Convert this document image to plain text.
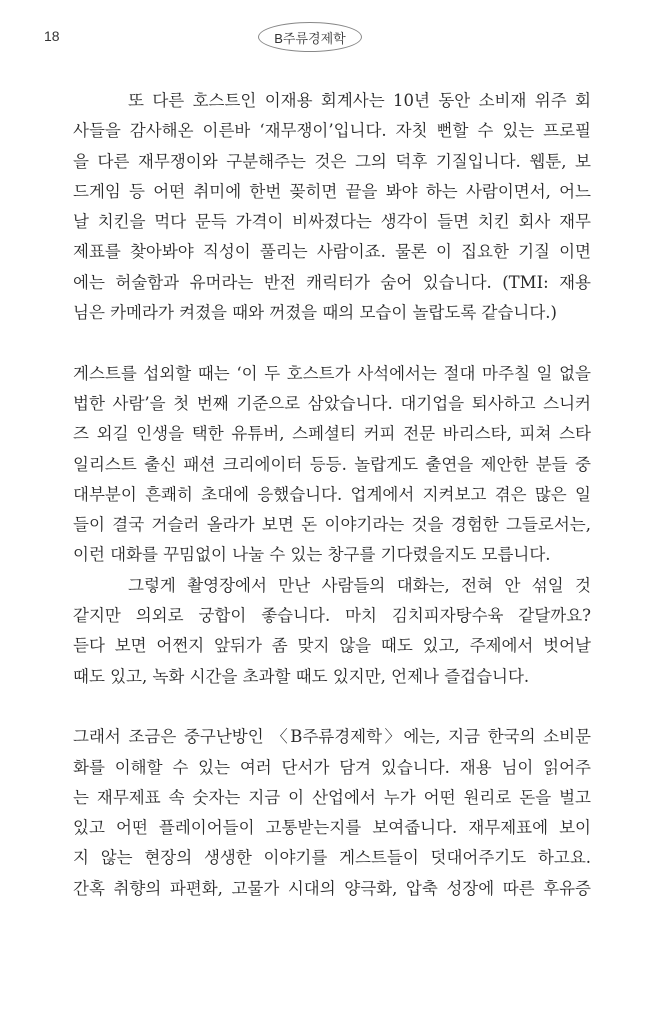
18	B주류경제학
또 다른 호스트인 이재용 회계사는 10년 동안 소비재 위주 회
사들을 감사해온 이른바 ‘재무쟁이’입니다. 자칫 뻔할 수 있는 프로필
을 다른 재무쟁이와 구분해주는 것은 그의 덕후 기질입니다. 웹툰, 보
드게임 등 어떤 취미에 한번 꽂히면 끝을 봐야 하는 사람이면서, 어느
날 치킨을 먹다 문득 가격이 비싸졌다는 생각이 들면 치킨 회사 재무
제표를 찾아봐야 직성이 풀리는 사람이죠. 물론 이 집요한 기질 이면
에는 허술함과 유머라는 반전 캐릭터가 숨어 있습니다. (TMI: 재용
님은 카메라가 켜졌을 때와 꺼졌을 때의 모습이 놀랍도록 같습니다.)
게스트를 섭외할 때는 ‘이 두 호스트가 사석에서는 절대 마주칠 일 없을
법한 사람’을 첫 번째 기준으로 삼았습니다. 대기업을 퇴사하고 스니커
즈 외길 인생을 택한 유튜버, 스페셜티 커피 전문 바리스타, 피쳐 스타
일리스트 출신 패션 크리에이터 등등. 놀랍게도 출연을 제안한 분들 중
대부분이 흔쾌히 초대에 응했습니다. 업계에서 지켜보고 겪은 많은 일
들이 결국 거슬러 올라가 보면 돈 이야기라는 것을 경험한 그들로서는,
이런 대화를 꾸밈없이 나눌 수 있는 창구를 기다렸을지도 모릅니다.
그렇게 촬영장에서 만난 사람들의 대화는, 전혀 안 섞일 것
같지만 의외로 궁합이 좋습니다. 마치 김치피자탕수육 같달까요?
듣다 보면 어쩐지 앞뒤가 좀 맞지 않을 때도 있고, 주제에서 벗어날
때도 있고, 녹화 시간을 초과할 때도 있지만, 언제나 즐겁습니다.
그래서 조금은 중구난방인 〈B주류경제학〉에는, 지금 한국의 소비문
화를 이해할 수 있는 여러 단서가 담겨 있습니다. 재용 님이 읽어주
는 재무제표 속 숫자는 지금 이 산업에서 누가 어떤 원리로 돈을 벌고
있고 어떤 플레이어들이 고통받는지를 보여줍니다. 재무제표에 보이
지 않는 현장의 생생한 이야기를 게스트들이 덧대어주기도 하고요.
간혹 취향의 파편화, 고물가 시대의 양극화, 압축 성장에 따른 후유증
